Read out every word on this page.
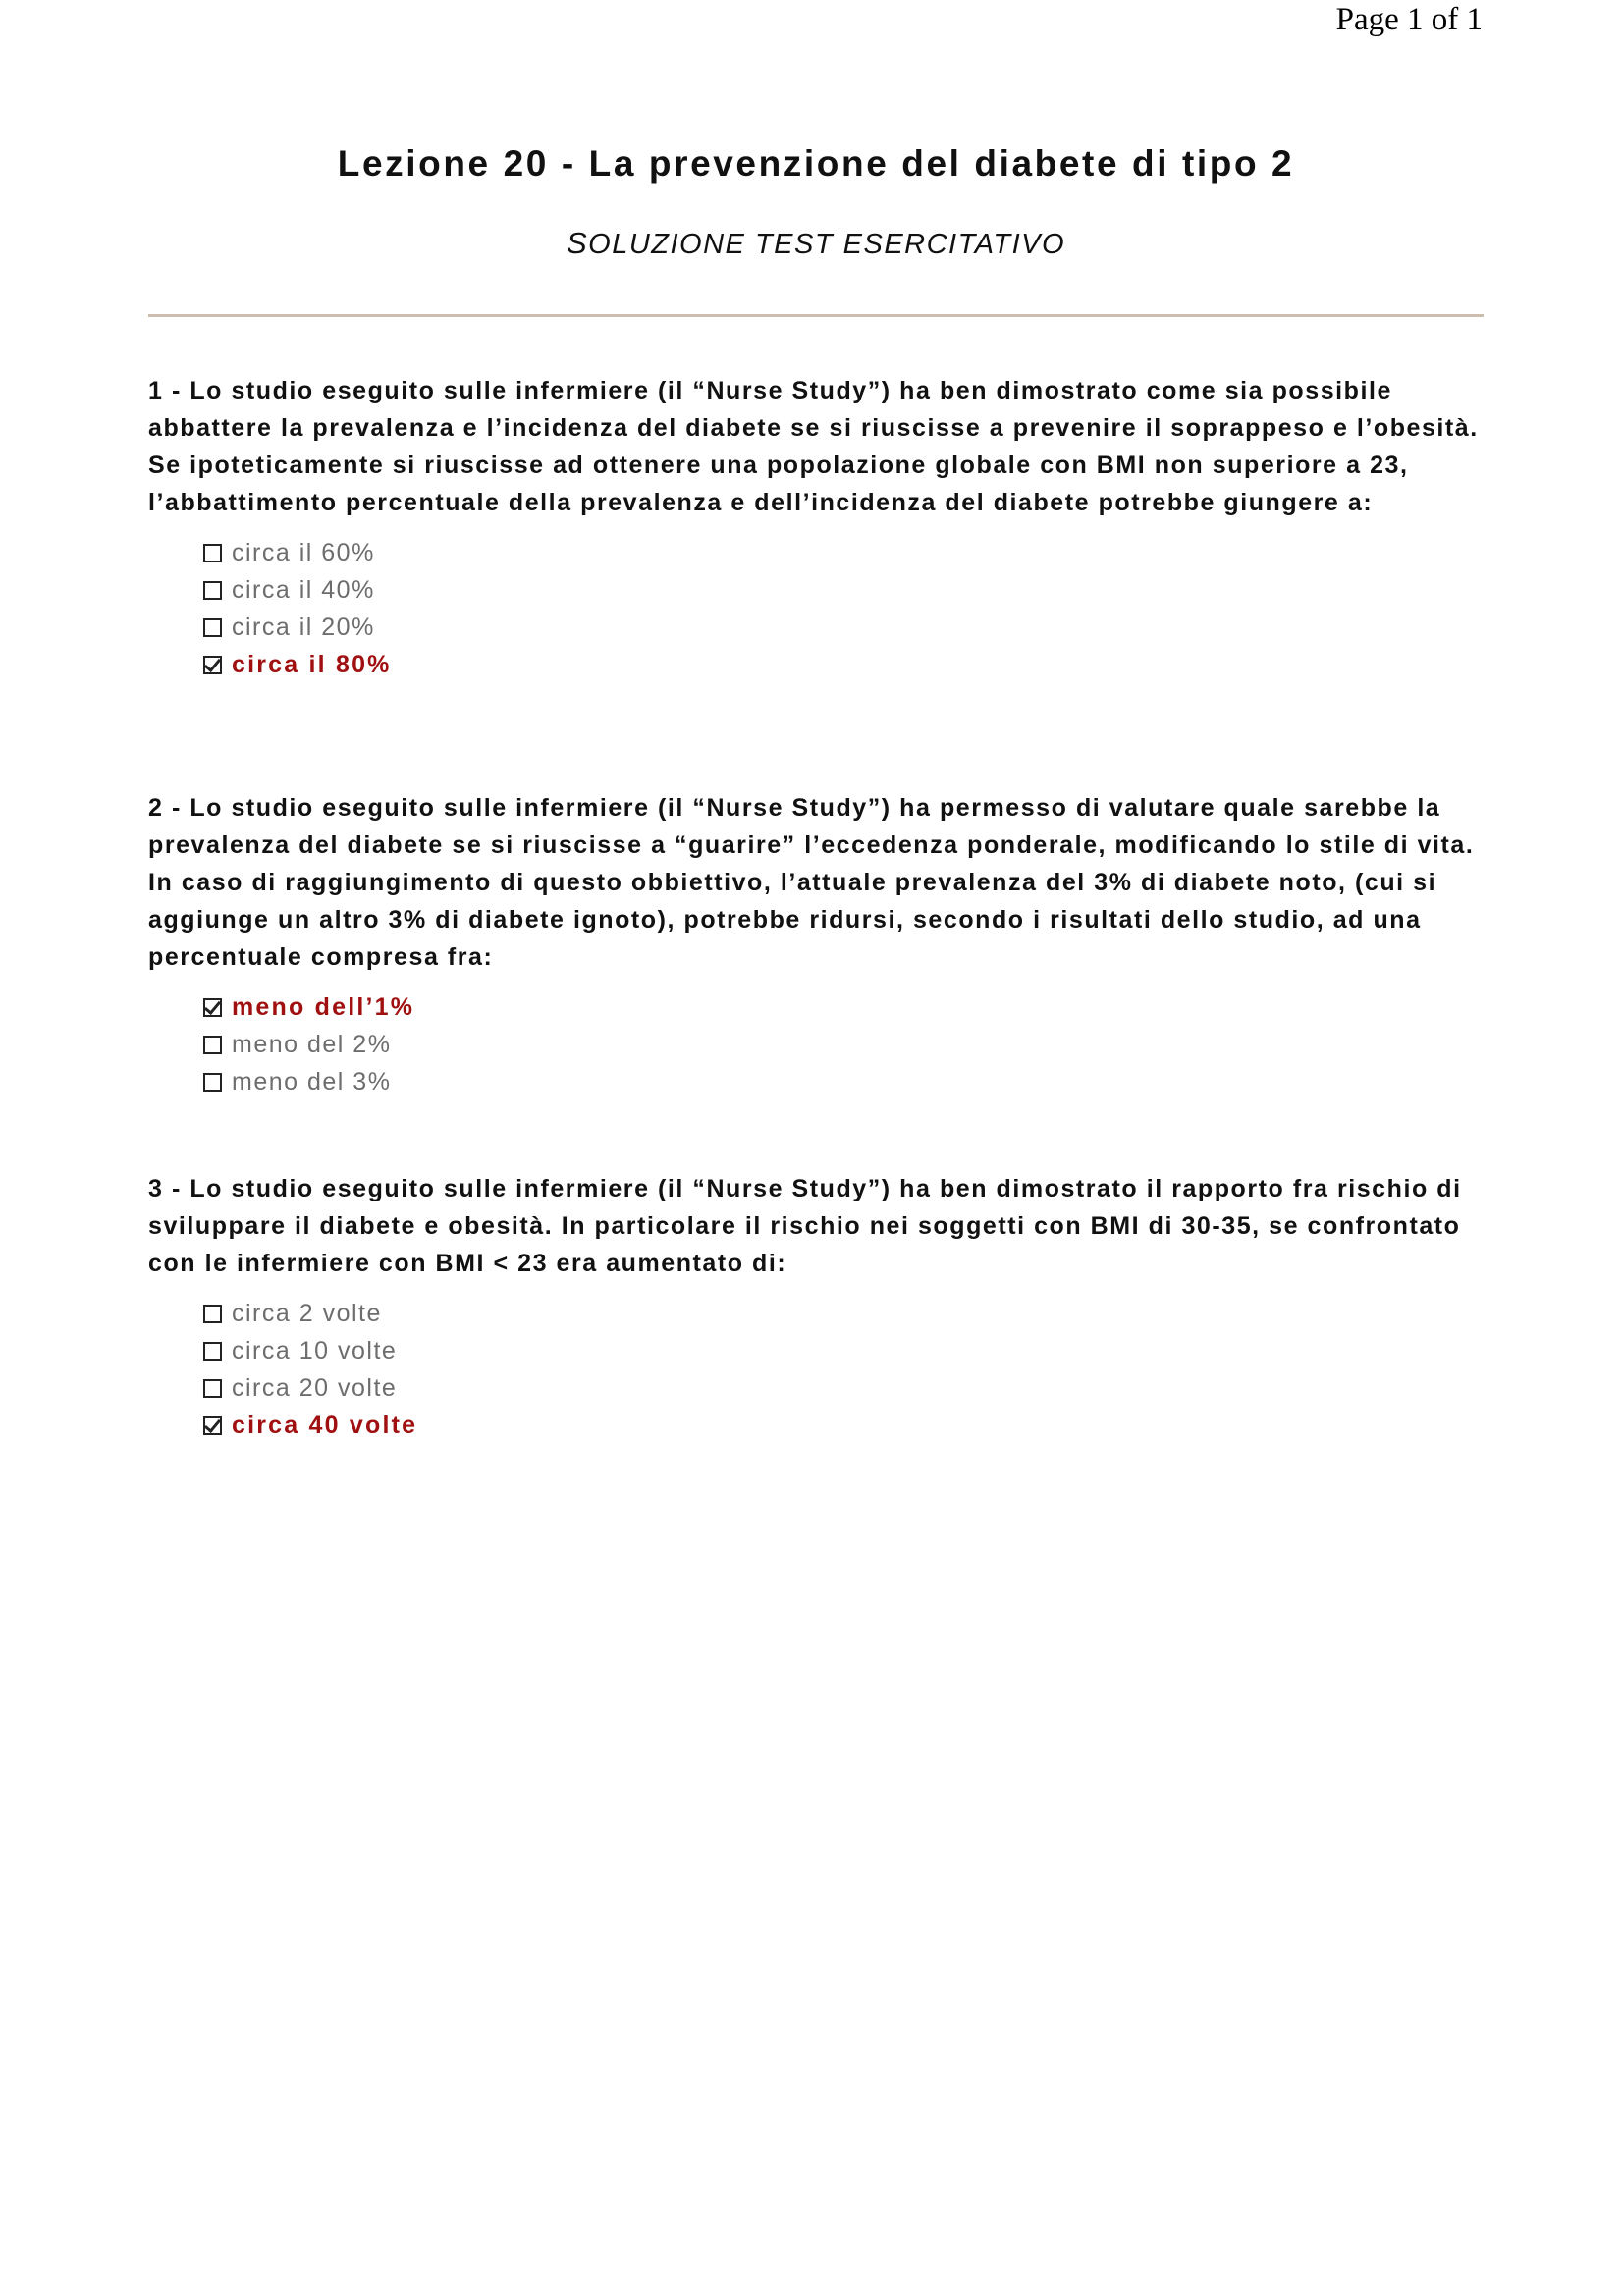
Page 1 of 1
Lezione 20 - La prevenzione del diabete di tipo 2
SOLUZIONE TEST ESERCITATIVO

1 - Lo studio eseguito sulle infermiere (il “Nurse Study”) ha ben dimostrato come sia possibile abbattere la prevalenza e l’incidenza del diabete se si riuscisse a prevenire il soprappeso e l’obesità. Se ipoteticamente si riuscisse ad ottenere una popolazione globale con BMI non superiore a 23, l’abbattimento percentuale della prevalenza e dell’incidenza del diabete potrebbe giungere a:

circa il 60%
circa il 40%
circa il 20%
circa il 80%

2 - Lo studio eseguito sulle infermiere (il “Nurse Study”) ha permesso di valutare quale sarebbe la prevalenza del diabete se si riuscisse a “guarire” l’eccedenza ponderale, modificando lo stile di vita. In caso di raggiungimento di questo obbiettivo, l’attuale prevalenza del 3% di diabete noto, (cui si aggiunge un altro 3% di diabete ignoto), potrebbe ridursi, secondo i risultati dello studio, ad una percentuale compresa fra:

meno dell’1%
meno del 2%
meno del 3%

3 - Lo studio eseguito sulle infermiere (il “Nurse Study”) ha ben dimostrato il rapporto fra rischio di sviluppare il diabete e obesità. In particolare il rischio nei soggetti con BMI di 30-35, se confrontato con le infermiere con BMI < 23 era aumentato di:

circa 2 volte
circa 10 volte
circa 20 volte
circa 40 volte
